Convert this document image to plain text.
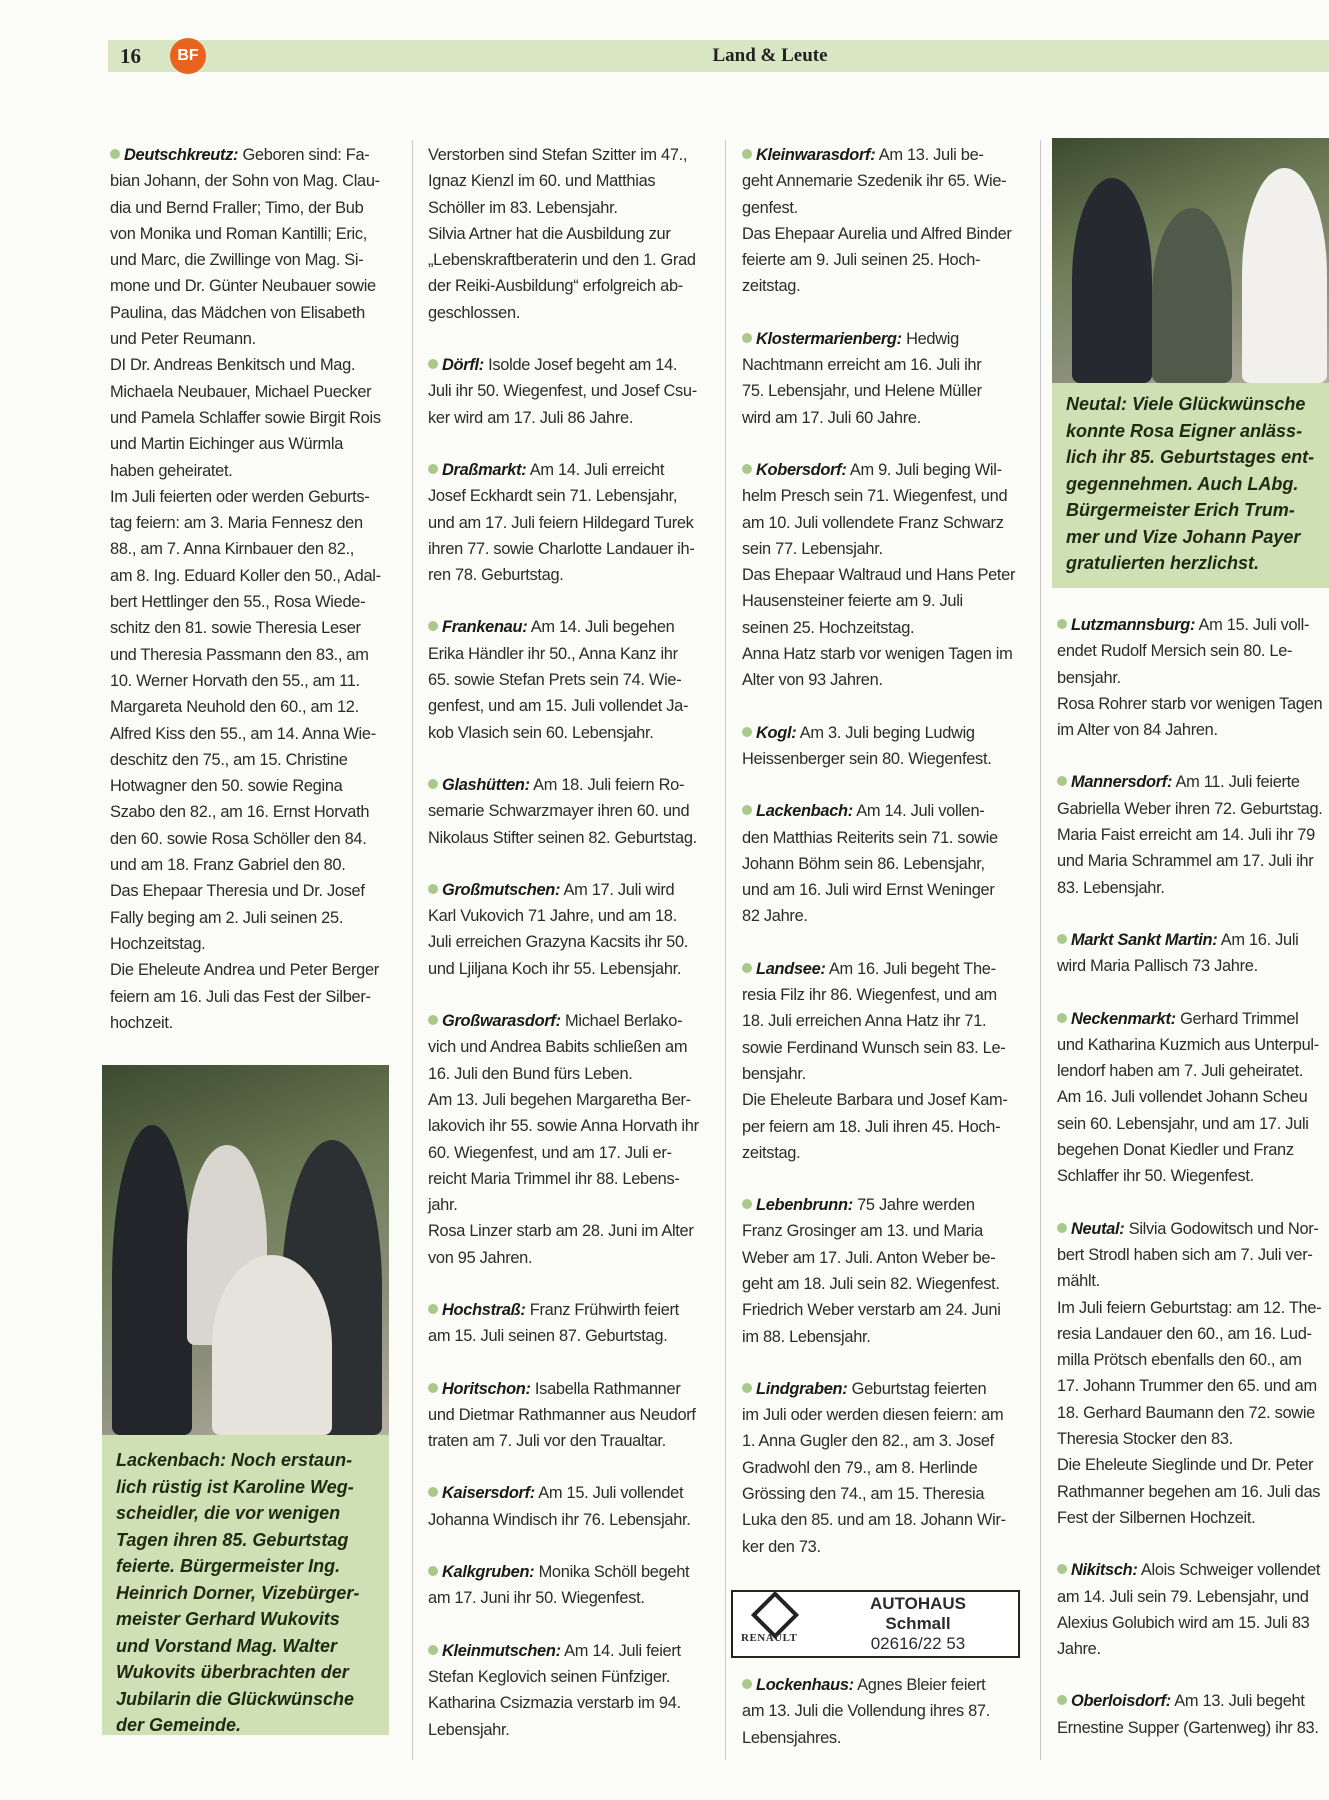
16	BF	Land & Leute

Deutschkreutz: Geboren sind: Fa-
bian Johann, der Sohn von Mag. Clau-
dia und Bernd Fraller; Timo, der Bub
von Monika und Roman Kantilli; Eric,
und Marc, die Zwillinge von Mag. Si-
mone und Dr. Günter Neubauer sowie
Paulina, das Mädchen von Elisabeth
und Peter Reumann.
DI Dr. Andreas Benkitsch und Mag.
Michaela Neubauer, Michael Puecker
und Pamela Schlaffer sowie Birgit Rois
und Martin Eichinger aus Würmla
haben geheiratet.
Im Juli feierten oder werden Geburts-
tag feiern: am 3. Maria Fennesz den
88., am 7. Anna Kirnbauer den 82.,
am 8. Ing. Eduard Koller den 50., Adal-
bert Hettlinger den 55., Rosa Wiede-
schitz den 81. sowie Theresia Leser
und Theresia Passmann den 83., am
10. Werner Horvath den 55., am 11.
Margareta Neuhold den 60., am 12.
Alfred Kiss den 55., am 14. Anna Wie-
deschitz den 75., am 15. Christine
Hotwagner den 50. sowie Regina
Szabo den 82., am 16. Ernst Horvath
den 60. sowie Rosa Schöller den 84.
und am 18. Franz Gabriel den 80.
Das Ehepaar Theresia und Dr. Josef
Fally beging am 2. Juli seinen 25.
Hochzeitstag.
Die Eheleute Andrea und Peter Berger
feiern am 16. Juli das Fest der Silber-
hochzeit.

Verstorben sind Stefan Szitter im 47.,
Ignaz Kienzl im 60. und Matthias
Schöller im 83. Lebensjahr.
Silvia Artner hat die Ausbildung zur
„Lebenskraftberaterin und den 1. Grad
der Reiki-Ausbildung“ erfolgreich ab-
geschlossen.

Dörfl: Isolde Josef begeht am 14.
Juli ihr 50. Wiegenfest, und Josef Csu-
ker wird am 17. Juli 86 Jahre.

Draßmarkt: Am 14. Juli erreicht
Josef Eckhardt sein 71. Lebensjahr,
und am 17. Juli feiern Hildegard Turek
ihren 77. sowie Charlotte Landauer ih-
ren 78. Geburtstag.

Frankenau: Am 14. Juli begehen
Erika Händler ihr 50., Anna Kanz ihr
65. sowie Stefan Prets sein 74. Wie-
genfest, und am 15. Juli vollendet Ja-
kob Vlasich sein 60. Lebensjahr.

Glashütten: Am 18. Juli feiern Ro-
semarie Schwarzmayer ihren 60. und
Nikolaus Stifter seinen 82. Geburtstag.

Großmutschen: Am 17. Juli wird
Karl Vukovich 71 Jahre, und am 18.
Juli erreichen Grazyna Kacsits ihr 50.
und Ljiljana Koch ihr 55. Lebensjahr.

Großwarasdorf: Michael Berlako-
vich und Andrea Babits schließen am
16. Juli den Bund fürs Leben.
Am 13. Juli begehen Margaretha Ber-
lakovich ihr 55. sowie Anna Horvath ihr
60. Wiegenfest, und am 17. Juli er-
reicht Maria Trimmel ihr 88. Lebens-
jahr.
Rosa Linzer starb am 28. Juni im Alter
von 95 Jahren.

Hochstraß: Franz Frühwirth feiert
am 15. Juli seinen 87. Geburtstag.

Horitschon: Isabella Rathmanner
und Dietmar Rathmanner aus Neudorf
traten am 7. Juli vor den Traualtar.

Kaisersdorf: Am 15. Juli vollendet
Johanna Windisch ihr 76. Lebensjahr.

Kalkgruben: Monika Schöll begeht
am 17. Juni ihr 50. Wiegenfest.

Kleinmutschen: Am 14. Juli feiert
Stefan Keglovich seinen Fünfziger.
Katharina Csizmazia verstarb im 94.
Lebensjahr.

Kleinwarasdorf: Am 13. Juli be-
geht Annemarie Szedenik ihr 65. Wie-
genfest.
Das Ehepaar Aurelia und Alfred Binder
feierte am 9. Juli seinen 25. Hoch-
zeitstag.

Klostermarienberg: Hedwig
Nachtmann erreicht am 16. Juli ihr
75. Lebensjahr, und Helene Müller
wird am 17. Juli 60 Jahre.

Kobersdorf: Am 9. Juli beging Wil-
helm Presch sein 71. Wiegenfest, und
am 10. Juli vollendete Franz Schwarz
sein 77. Lebensjahr.
Das Ehepaar Waltraud und Hans Peter
Hausensteiner feierte am 9. Juli
seinen 25. Hochzeitstag.
Anna Hatz starb vor wenigen Tagen im
Alter von 93 Jahren.

Kogl: Am 3. Juli beging Ludwig
Heissenberger sein 80. Wiegenfest.

Lackenbach: Am 14. Juli vollen-
den Matthias Reiterits sein 71. sowie
Johann Böhm sein 86. Lebensjahr,
und am 16. Juli wird Ernst Weninger
82 Jahre.

Landsee: Am 16. Juli begeht The-
resia Filz ihr 86. Wiegenfest, und am
18. Juli erreichen Anna Hatz ihr 71.
sowie Ferdinand Wunsch sein 83. Le-
bensjahr.
Die Eheleute Barbara und Josef Kam-
per feiern am 18. Juli ihren 45. Hoch-
zeitstag.

Lebenbrunn: 75 Jahre werden
Franz Grosinger am 13. und Maria
Weber am 17. Juli. Anton Weber be-
geht am 18. Juli sein 82. Wiegenfest.
Friedrich Weber verstarb am 24. Juni
im 88. Lebensjahr.

Lindgraben: Geburtstag feierten
im Juli oder werden diesen feiern: am
1. Anna Gugler den 82., am 3. Josef
Gradwohl den 79., am 8. Herlinde
Grössing den 74., am 15. Theresia
Luka den 85. und am 18. Johann Wir-
ker den 73.

Lutzmannsburg: Am 15. Juli voll-
endet Rudolf Mersich sein 80. Le-
bensjahr.
Rosa Rohrer starb vor wenigen Tagen
im Alter von 84 Jahren.

Mannersdorf: Am 11. Juli feierte
Gabriella Weber ihren 72. Geburtstag.
Maria Faist erreicht am 14. Juli ihr 79
und Maria Schrammel am 17. Juli ihr
83. Lebensjahr.

Markt Sankt Martin: Am 16. Juli
wird Maria Pallisch 73 Jahre.

Neckenmarkt: Gerhard Trimmel
und Katharina Kuzmich aus Unterpul-
lendorf haben am 7. Juli geheiratet.
Am 16. Juli vollendet Johann Scheu
sein 60. Lebensjahr, und am 17. Juli
begehen Donat Kiedler und Franz
Schlaffer ihr 50. Wiegenfest.

Neutal: Silvia Godowitsch und Nor-
bert Strodl haben sich am 7. Juli ver-
mählt.
Im Juli feiern Geburtstag: am 12. The-
resia Landauer den 60., am 16. Lud-
milla Prötsch ebenfalls den 60., am
17. Johann Trummer den 65. und am
18. Gerhard Baumann den 72. sowie
Theresia Stocker den 83.
Die Eheleute Sieglinde und Dr. Peter
Rathmanner begehen am 16. Juli das
Fest der Silbernen Hochzeit.

Nikitsch: Alois Schweiger vollendet
am 14. Juli sein 79. Lebensjahr, und
Alexius Golubich wird am 15. Juli 83
Jahre.

Oberloisdorf: Am 13. Juli begeht
Ernestine Supper (Gartenweg) ihr 83.

Lackenbach: Noch erstaun-
lich rüstig ist Karoline Weg-
scheidler, die vor wenigen
Tagen ihren 85. Geburtstag
feierte. Bürgermeister Ing.
Heinrich Dorner, Vizebürger-
meister Gerhard Wukovits
und Vorstand Mag. Walter
Wukovits überbrachten der
Jubilarin die Glückwünsche
der Gemeinde.
Neutal: Viele Glückwünsche
konnte Rosa Eigner anläss-
lich ihr 85. Geburtstages ent-
gegennehmen. Auch LAbg.
Bürgermeister Erich Trum-
mer und Vize Johann Payer
gratulierten herzlichst.
RENAULT
AUTOHAUS
Schmall
02616/22 53

Lockenhaus: Agnes Bleier feiert
am 13. Juli die Vollendung ihres 87.
Lebensjahres.
